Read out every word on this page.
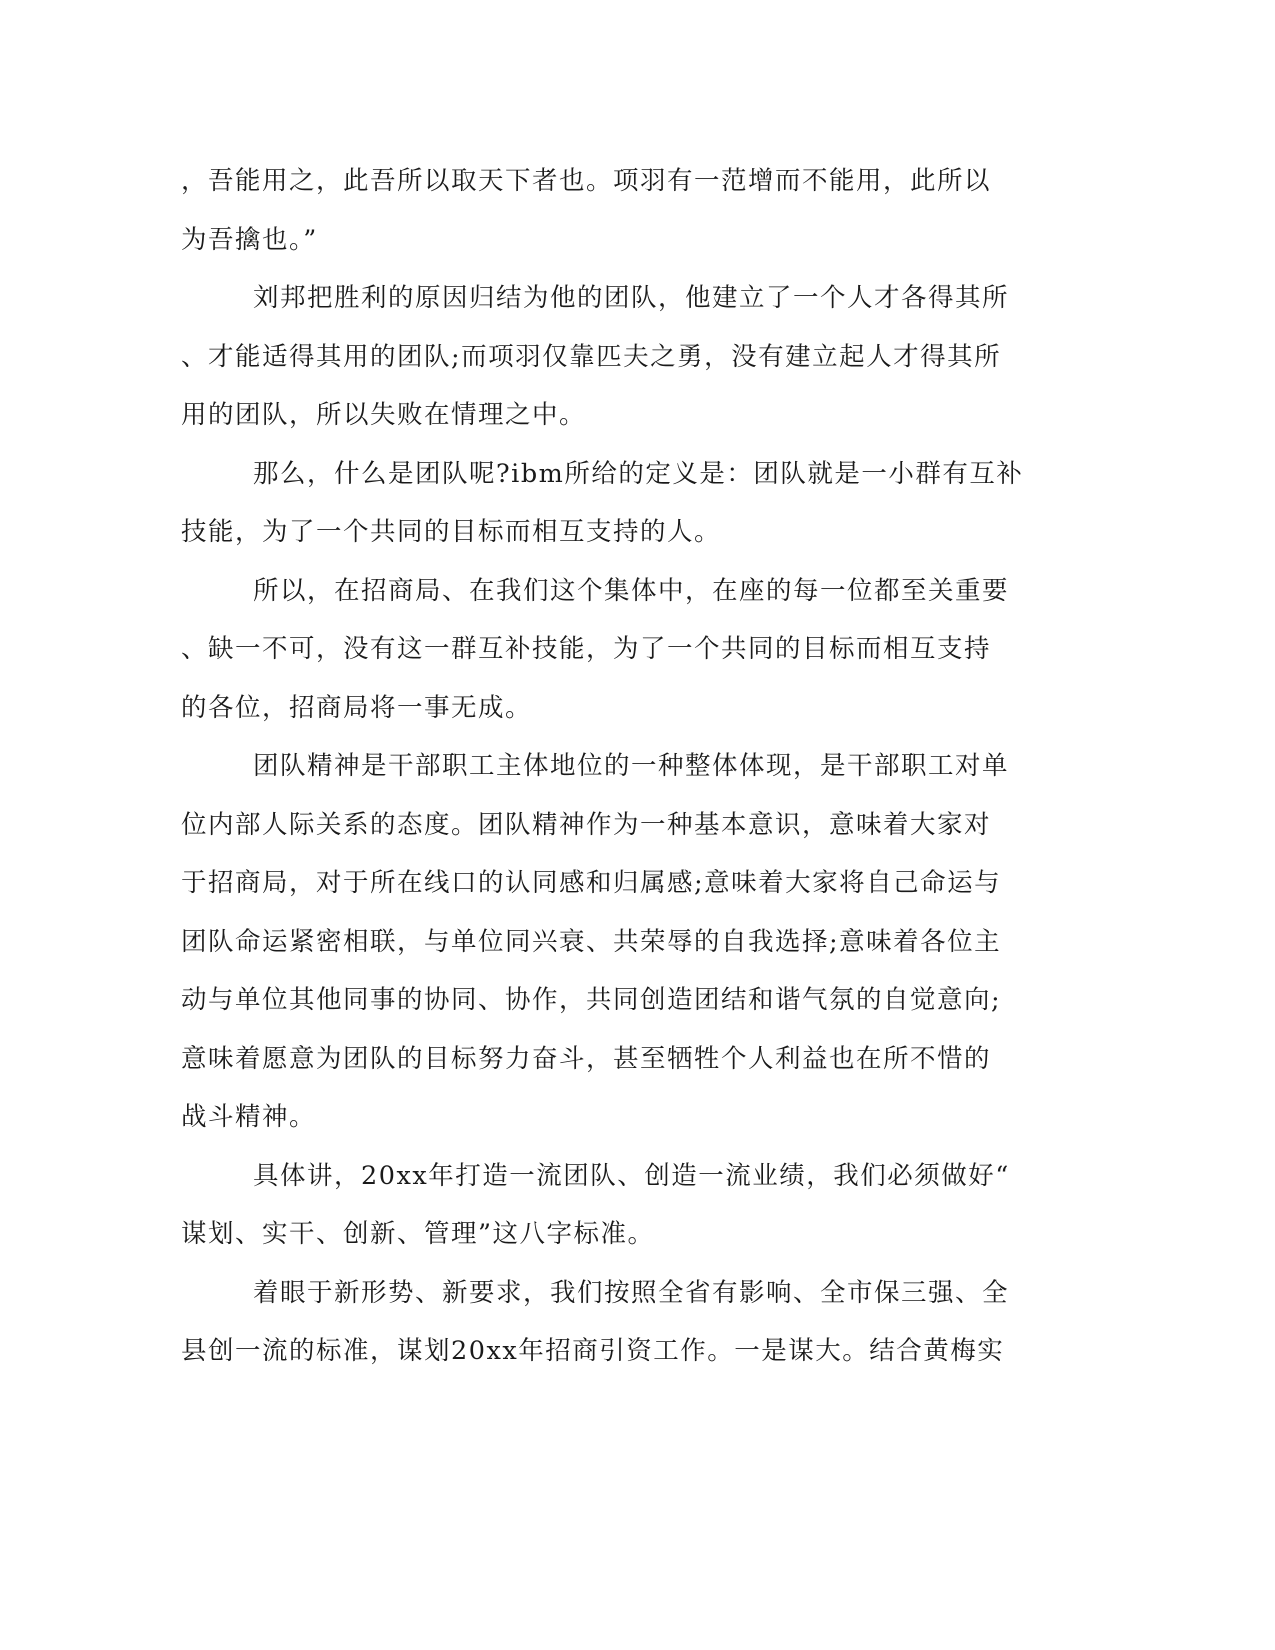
，吾能用之，此吾所以取天下者也。项羽有一范增而不能用，此所以
为吾擒也。”
刘邦把胜利的原因归结为他的团队，他建立了一个人才各得其所
、才能适得其用的团队;而项羽仅靠匹夫之勇，没有建立起人才得其所
用的团队，所以失败在情理之中。
那么，什么是团队呢?ibm所给的定义是：团队就是一小群有互补
技能，为了一个共同的目标而相互支持的人。
所以，在招商局、在我们这个集体中，在座的每一位都至关重要
、缺一不可，没有这一群互补技能，为了一个共同的目标而相互支持
的各位，招商局将一事无成。
团队精神是干部职工主体地位的一种整体体现，是干部职工对单
位内部人际关系的态度。团队精神作为一种基本意识，意味着大家对
于招商局，对于所在线口的认同感和归属感;意味着大家将自己命运与
团队命运紧密相联，与单位同兴衰、共荣辱的自我选择;意味着各位主
动与单位其他同事的协同、协作，共同创造团结和谐气氛的自觉意向;
意味着愿意为团队的目标努力奋斗，甚至牺牲个人利益也在所不惜的
战斗精神。
具体讲，20xx年打造一流团队、创造一流业绩，我们必须做好“
谋划、实干、创新、管理”这八字标准。
着眼于新形势、新要求，我们按照全省有影响、全市保三强、全
县创一流的标准，谋划20xx年招商引资工作。一是谋大。结合黄梅实
